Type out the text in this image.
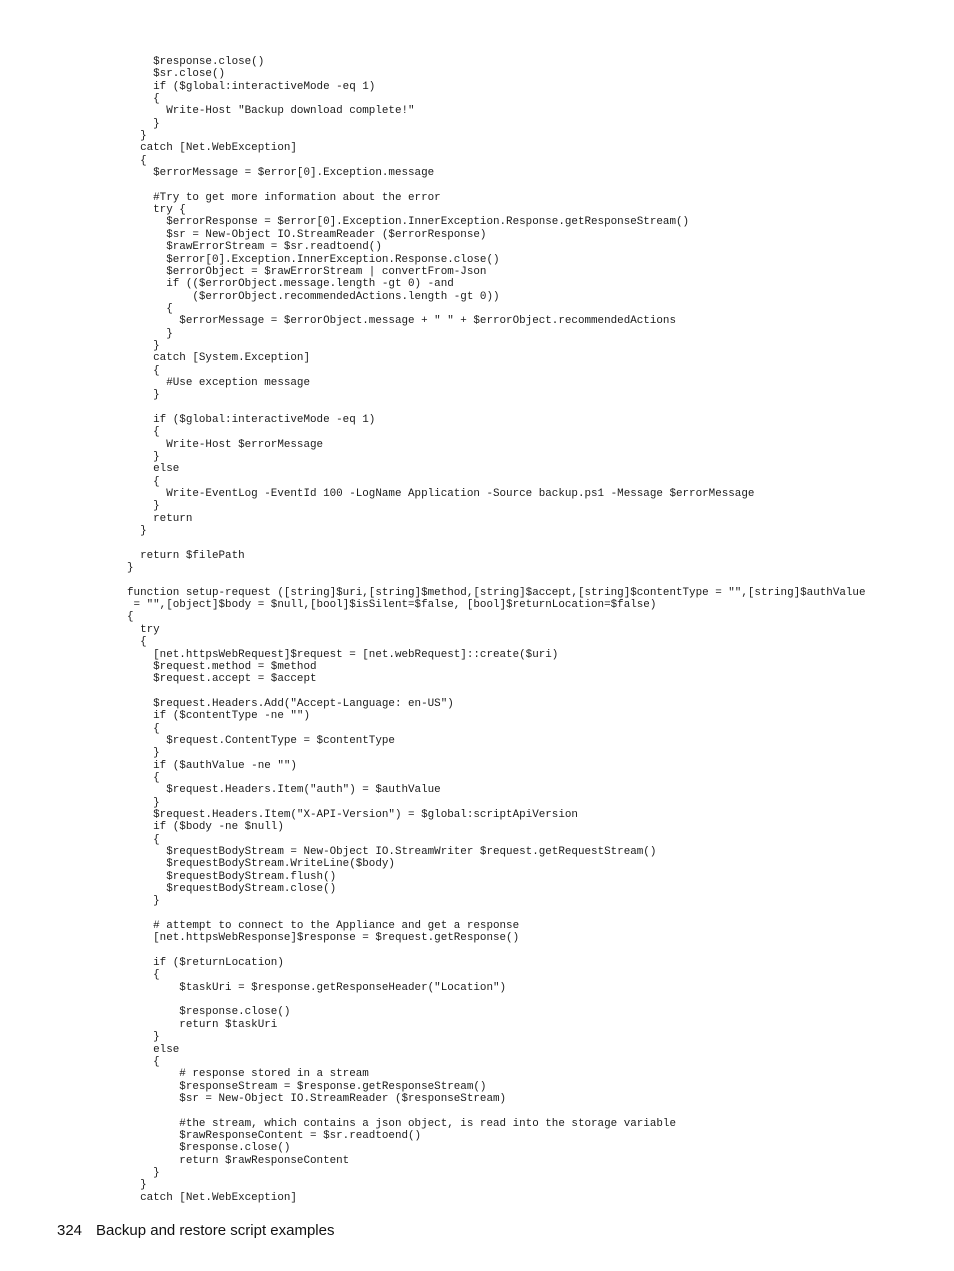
$response.close()
$sr.close()
if ($global:interactiveMode -eq 1)
{
Write-Host "Backup download complete!"
}
}
catch [Net.WebException]
{
$errorMessage = $error[0].Exception.message
#Try to get more information about the error
try {
$errorResponse = $error[0].Exception.InnerException.Response.getResponseStream()
$sr = New-Object IO.StreamReader ($errorResponse)
$rawErrorStream = $sr.readtoend()
$error[0].Exception.InnerException.Response.close()
$errorObject = $rawErrorStream | convertFrom-Json
if (($errorObject.message.length -gt 0) -and
($errorObject.recommendedActions.length -gt 0))
{
$errorMessage = $errorObject.message + " " + $errorObject.recommendedActions
}
}
catch [System.Exception]
{
#Use exception message
}
if ($global:interactiveMode -eq 1)
{
Write-Host $errorMessage
}
else
{
Write-EventLog -EventId 100 -LogName Application -Source backup.ps1 -Message $errorMessage
}
return
}
return $filePath
}
function setup-request ([string]$uri,[string]$method,[string]$accept,[string]$contentType = "",[string]$authValue
= "",[object]$body = $null,[bool]$isSilent=$false, [bool]$returnLocation=$false)
{
try
{
[net.httpsWebRequest]$request = [net.webRequest]::create($uri)
$request.method = $method
$request.accept = $accept
$request.Headers.Add("Accept-Language: en-US")
if ($contentType -ne "")
{
$request.ContentType = $contentType
}
if ($authValue -ne "")
{
$request.Headers.Item("auth") = $authValue
}
$request.Headers.Item("X-API-Version") = $global:scriptApiVersion
if ($body -ne $null)
{
$requestBodyStream = New-Object IO.StreamWriter $request.getRequestStream()
$requestBodyStream.WriteLine($body)
$requestBodyStream.flush()
$requestBodyStream.close()
}
# attempt to connect to the Appliance and get a response
[net.httpsWebResponse]$response = $request.getResponse()
if ($returnLocation)
{
$taskUri = $response.getResponseHeader("Location")
$response.close()
return $taskUri
}
else
{
# response stored in a stream
$responseStream = $response.getResponseStream()
$sr = New-Object IO.StreamReader ($responseStream)
#the stream, which contains a json object, is read into the storage variable
$rawResponseContent = $sr.readtoend()
$response.close()
return $rawResponseContent
}
}
catch [Net.WebException]
324 Backup and restore script examples
